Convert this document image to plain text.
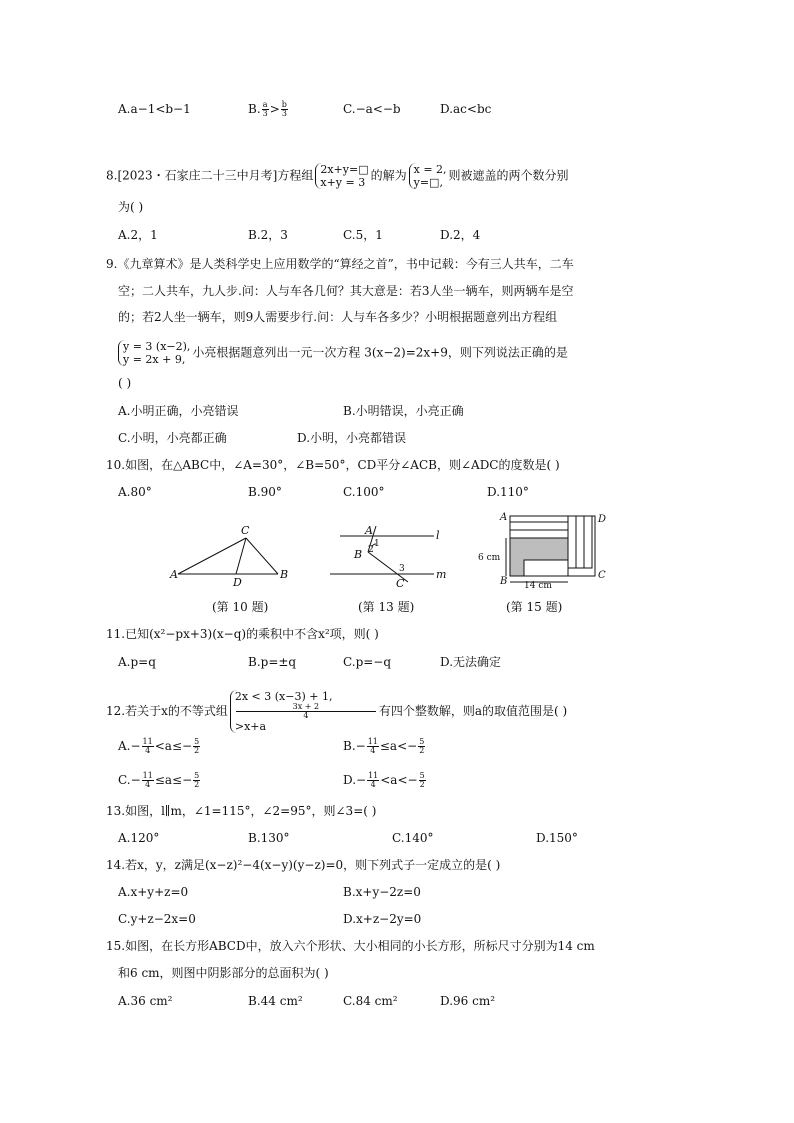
A.a−1<b−1	B. $\frac{a}{3} > \frac{b}{3}$	C.−a<−b	D.ac<bc
8.[2023・石家庄二十三中月考]方程组 2x+y=□
x+y = 3 的解为 x = 2,
y=□, 则被遮盖的两个数分别
为( )
A.2，1	B.2，3	C.5，1	D.2，4
9.《九章算术》是人类科学史上应用数学的“算经之首”，书中记载：今有三人共车，二车
空；二人共车，九人步.问：人与车各几何？其大意是：若3人坐一辆车，则两辆车是空
的；若2人坐一辆车，则9人需要步行.问：人与车各多少？小明根据题意列出方程组
y = 3 (x−2),
y = 2x + 9, 小亮根据题意列出一元一次方程 3(x−2)=2x+9，则下列说法正确的是
( )
A.小明正确，小亮错误	B.小明错误，小亮正确
C.小明，小亮都正确	D.小明，小亮都错误
10.如图，在△ABC中，∠A=30°，∠B=50°，CD平分∠ACB，则∠ADC的度数是( )
A.80°	B.90°	C.100°	D.110°
A	B
C
D
(第 10 题)
A
B
C
l
m
1
2
3
(第 13 题)
A
B
C
D
6 cm
14 cm
(第 15 题)
11.已知(x²−px+3)(x−q)的乘积中不含x²项，则( )
A.p=q	B.p=±q	C.p=−q	D.无法确定
12.若关于x的不等式组
2x < 3 (x−3) + 1,
3x + 2
4
>x+a
有四个整数解，则a的取值范围是( )
$A.- \frac{11}{4} <a\le- \frac{5}{2}$	$B.- \frac{11}{4} \le a<- \frac{5}{2}$
$C.- \frac{11}{4} \le a\le- \frac{5}{2}$	$D.- \frac{11}{4} <a<- \frac{5}{2}$
13.如图，l∥m，∠1=115°，∠2=95°，则∠3=( )
A.120°	B.130°	C.140°	D.150°
14.若x，y，z满足(x−z)²−4(x−y)(y−z)=0，则下列式子一定成立的是( )
A.x+y+z=0	B.x+y−2z=0
C.y+z−2x=0	D.x+z−2y=0
15.如图，在长方形ABCD中，放入六个形状、大小相同的小长方形，所标尺寸分别为14 cm
和6 cm，则图中阴影部分的总面积为( )
A.36 cm²	B.44 cm²	C.84 cm²	D.96 cm²
